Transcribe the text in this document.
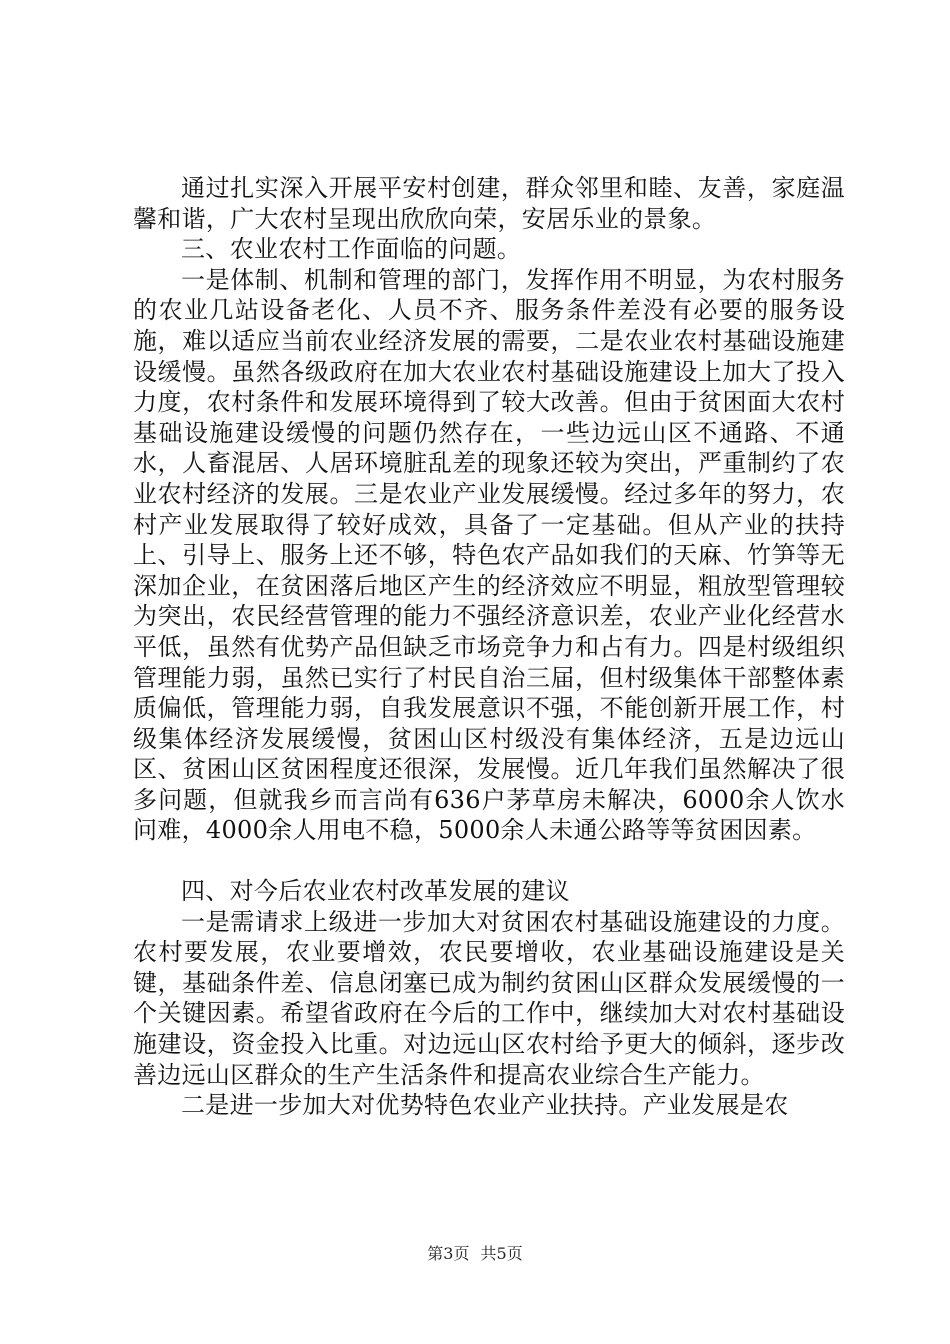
通过扎实深入开展平安村创建，群众邻里和睦、友善，家庭温馨和谐，广大农村呈现出欣欣向荣，安居乐业的景象。

三、农业农村工作面临的问题。

一是体制、机制和管理的部门，发挥作用不明显，为农村服务的农业几站设备老化、人员不齐、服务条件差没有必要的服务设施，难以适应当前农业经济发展的需要，二是农业农村基础设施建设缓慢。虽然各级政府在加大农业农村基础设施建设上加大了投入力度，农村条件和发展环境得到了较大改善。但由于贫困面大农村基础设施建设缓慢的问题仍然存在，一些边远山区不通路、不通水，人畜混居、人居环境脏乱差的现象还较为突出，严重制约了农业农村经济的发展。三是农业产业发展缓慢。经过多年的努力，农村产业发展取得了较好成效，具备了一定基础。但从产业的扶持上、引导上、服务上还不够，特色农产品如我们的天麻、竹笋等无深加企业，在贫困落后地区产生的经济效应不明显，粗放型管理较为突出，农民经营管理的能力不强经济意识差，农业产业化经营水平低，虽然有优势产品但缺乏市场竞争力和占有力。四是村级组织管理能力弱，虽然已实行了村民自治三届，但村级集体干部整体素质偏低，管理能力弱，自我发展意识不强，不能创新开展工作，村级集体经济发展缓慢，贫困山区村级没有集体经济，五是边远山区、贫困山区贫困程度还很深，发展慢。近几年我们虽然解决了很多问题，但就我乡而言尚有636户茅草房未解决，6000余人饮水问难，4000余人用电不稳，5000余人未通公路等等贫困因素。

四、对今后农业农村改革发展的建议

一是需请求上级进一步加大对贫困农村基础设施建设的力度。农村要发展，农业要增效，农民要增收，农业基础设施建设是关键，基础条件差、信息闭塞已成为制约贫困山区群众发展缓慢的一个关键因素。希望省政府在今后的工作中，继续加大对农村基础设施建设，资金投入比重。对边远山区农村给予更大的倾斜，逐步改善边远山区群众的生产生活条件和提高农业综合生产能力。

二是进一步加大对优势特色农业产业扶持。产业发展是农

第3页 共5页
